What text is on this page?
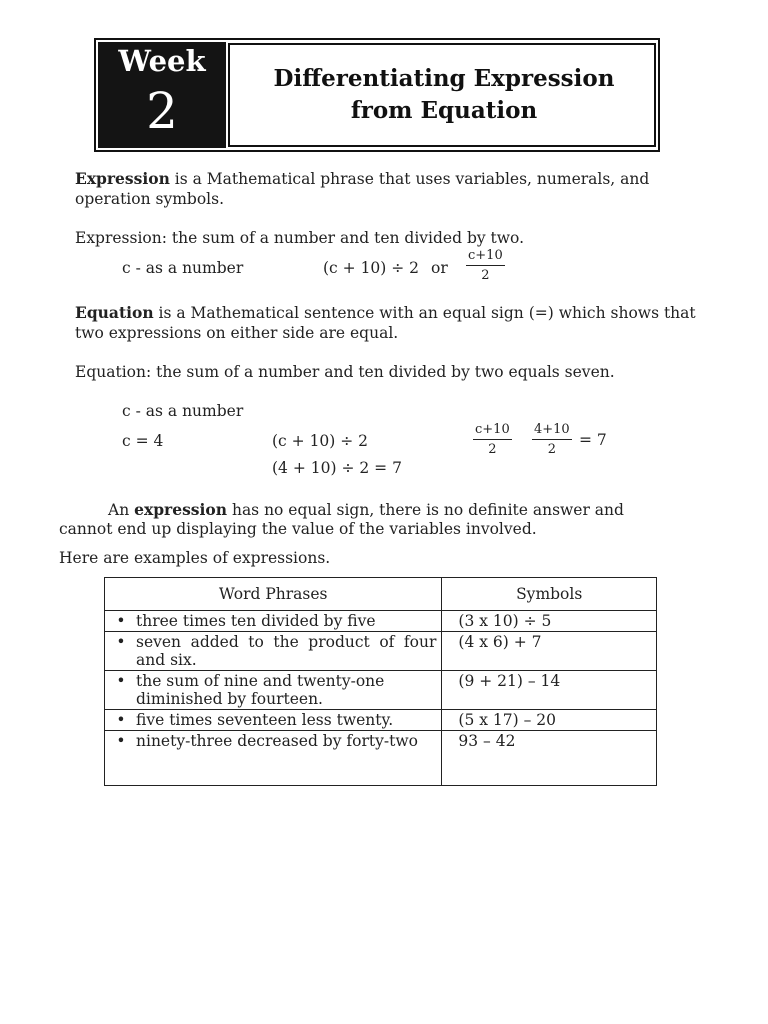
Week
2
Differentiating Expression
from Equation
Expression is a Mathematical phrase that uses variables, numerals, and
operation symbols.
Expression: the sum of a number and ten divided by two.
c - as a number	(c + 10) ÷ 2 or $\frac{c+10}{2}$
Equation is a Mathematical sentence with an equal sign (=) which shows that
two expressions on either side are equal.
Equation: the sum of a number and ten divided by two equals seven.
c - as a number
c = 4	(c + 10) ÷ 2
(4 + 10) ÷ 2 = 7
$\frac{c+10}{2} \frac{4+10}{2} = 7$
An expression has no equal sign, there is no definite answer and
cannot end up displaying the value of the variables involved.
Here are examples of expressions.
Word Phrases	Symbols

• three times ten divided by five	(3 x 10) ÷ 5

• seven added to the product of four and six.	(4 x 6) + 7

• the sum of nine and twenty-one diminished by fourteen.	(9 + 21) – 14

• five times seventeen less twenty.	(5 x 17) – 20

• ninety-three decreased by forty-two	93 – 42
